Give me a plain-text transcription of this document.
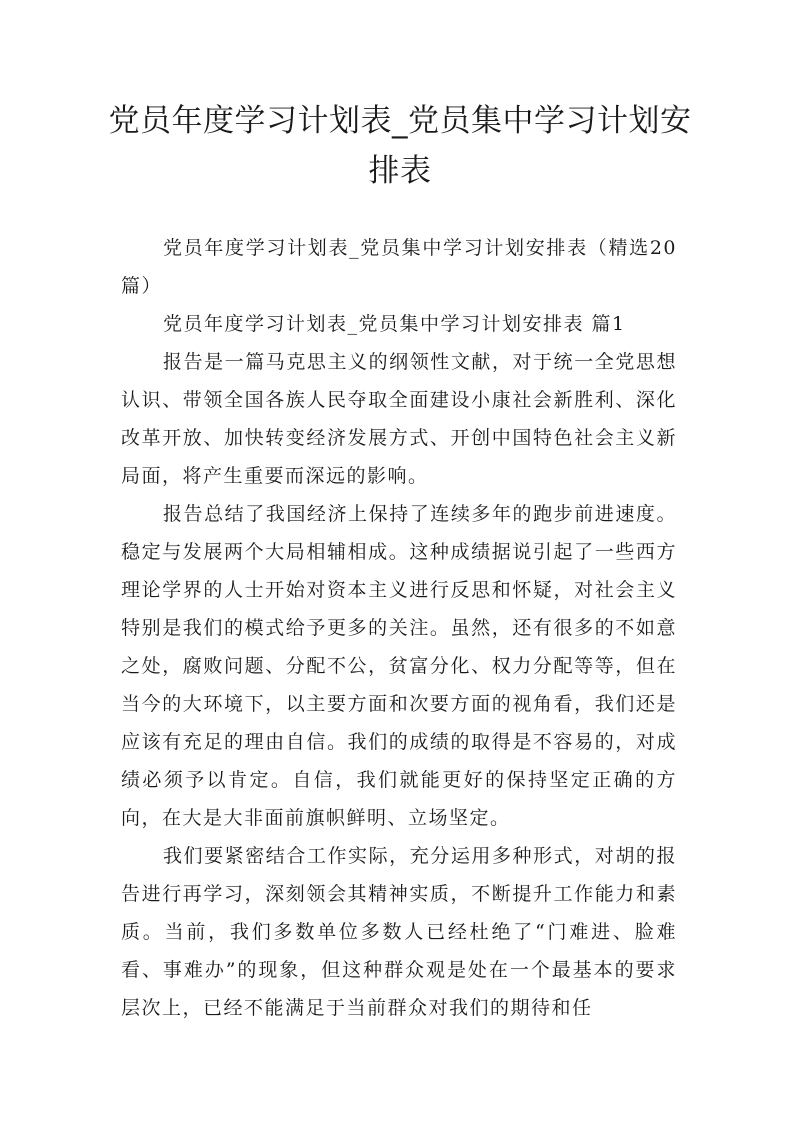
党员年度学习计划表_党员集中学习计划安排表

党员年度学习计划表_党员集中学习计划安排表（精选20篇）

党员年度学习计划表_党员集中学习计划安排表 篇1

报告是一篇马克思主义的纲领性文献，对于统一全党思想认识、带领全国各族人民夺取全面建设小康社会新胜利、深化改革开放、加快转变经济发展方式、开创中国特色社会主义新局面，将产生重要而深远的影响。

报告总结了我国经济上保持了连续多年的跑步前进速度。稳定与发展两个大局相辅相成。这种成绩据说引起了一些西方理论学界的人士开始对资本主义进行反思和怀疑，对社会主义特别是我们的模式给予更多的关注。虽然，还有很多的不如意之处，腐败问题、分配不公，贫富分化、权力分配等等，但在当今的大环境下，以主要方面和次要方面的视角看，我们还是应该有充足的理由自信。我们的成绩的取得是不容易的，对成绩必须予以肯定。自信，我们就能更好的保持坚定正确的方向，在大是大非面前旗帜鲜明、立场坚定。

我们要紧密结合工作实际，充分运用多种形式，对胡的报告进行再学习，深刻领会其精神实质，不断提升工作能力和素质。当前，我们多数单位多数人已经杜绝了“门难进、脸难看、事难办”的现象，但这种群众观是处在一个最基本的要求层次上，已经不能满足于当前群众对我们的期待和任
